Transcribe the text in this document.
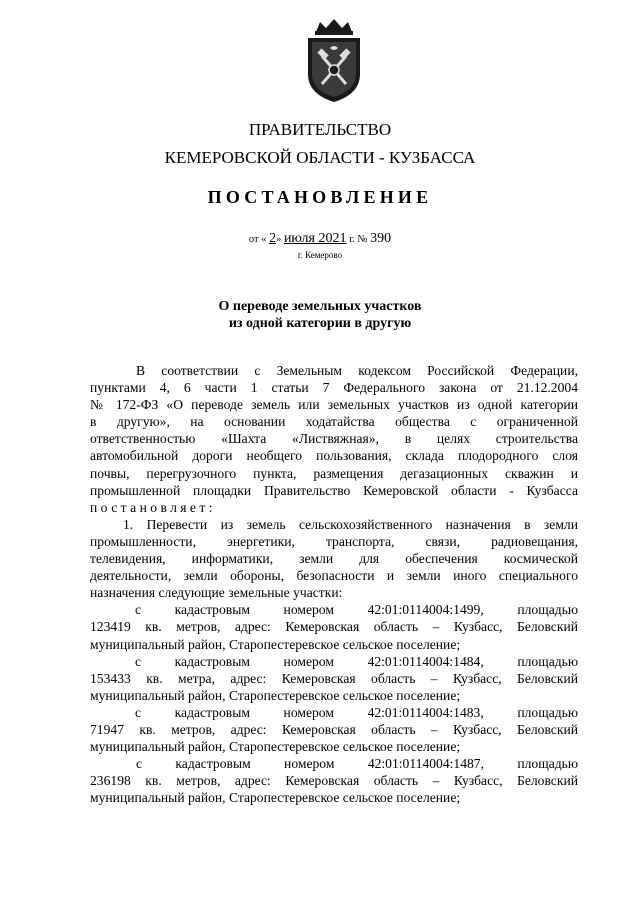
ПРАВИТЕЛЬСТВО
КЕМЕРОВСКОЙ ОБЛАСТИ - КУЗБАССА
ПОСТАНОВЛЕНИЕ
от « 2» июля 2021 г. № 390
г. Кемерово
О переводе земельных участков
из одной категории в другую
В соответствии с Земельным кодексом Российской Федерации,
пунктами 4, 6 части 1 статьи 7 Федерального закона от 21.12.2004
№ 172-ФЗ «О переводе земель или земельных участков из одной категории
в другую», на основании ходатайства общества с ограниченной
ответственностью «Шахта «Листвяжная», в целях строительства
автомобильной дороги необщего пользования, склада плодородного слоя
почвы, перегрузочного пункта, размещения дегазационных скважин и
промышленной площадки Правительство Кемеровской области - Кузбасса
постановляет:
1. Перевести из земель сельскохозяйственного назначения в земли
промышленности, энергетики, транспорта, связи, радиовещания,
телевидения, информатики, земли для обеспечения космической
деятельности, земли обороны, безопасности и земли иного специального
назначения следующие земельные участки:
с кадастровым номером 42:01:0114004:1499, площадью
123419 кв. метров, адрес: Кемеровская область – Кузбасс, Беловский
муниципальный район, Старопестеревское сельское поселение;
с кадастровым номером 42:01:0114004:1484, площадью
153433 кв. метра, адрес: Кемеровская область – Кузбасс, Беловский
муниципальный район, Старопестеревское сельское поселение;
с кадастровым номером 42:01:0114004:1483, площадью
71947 кв. метров, адрес: Кемеровская область – Кузбасс, Беловский
муниципальный район, Старопестеревское сельское поселение;
с кадастровым номером 42:01:0114004:1487, площадью
236198 кв. метров, адрес: Кемеровская область – Кузбасс, Беловский
муниципальный район, Старопестеревское сельское поселение;
